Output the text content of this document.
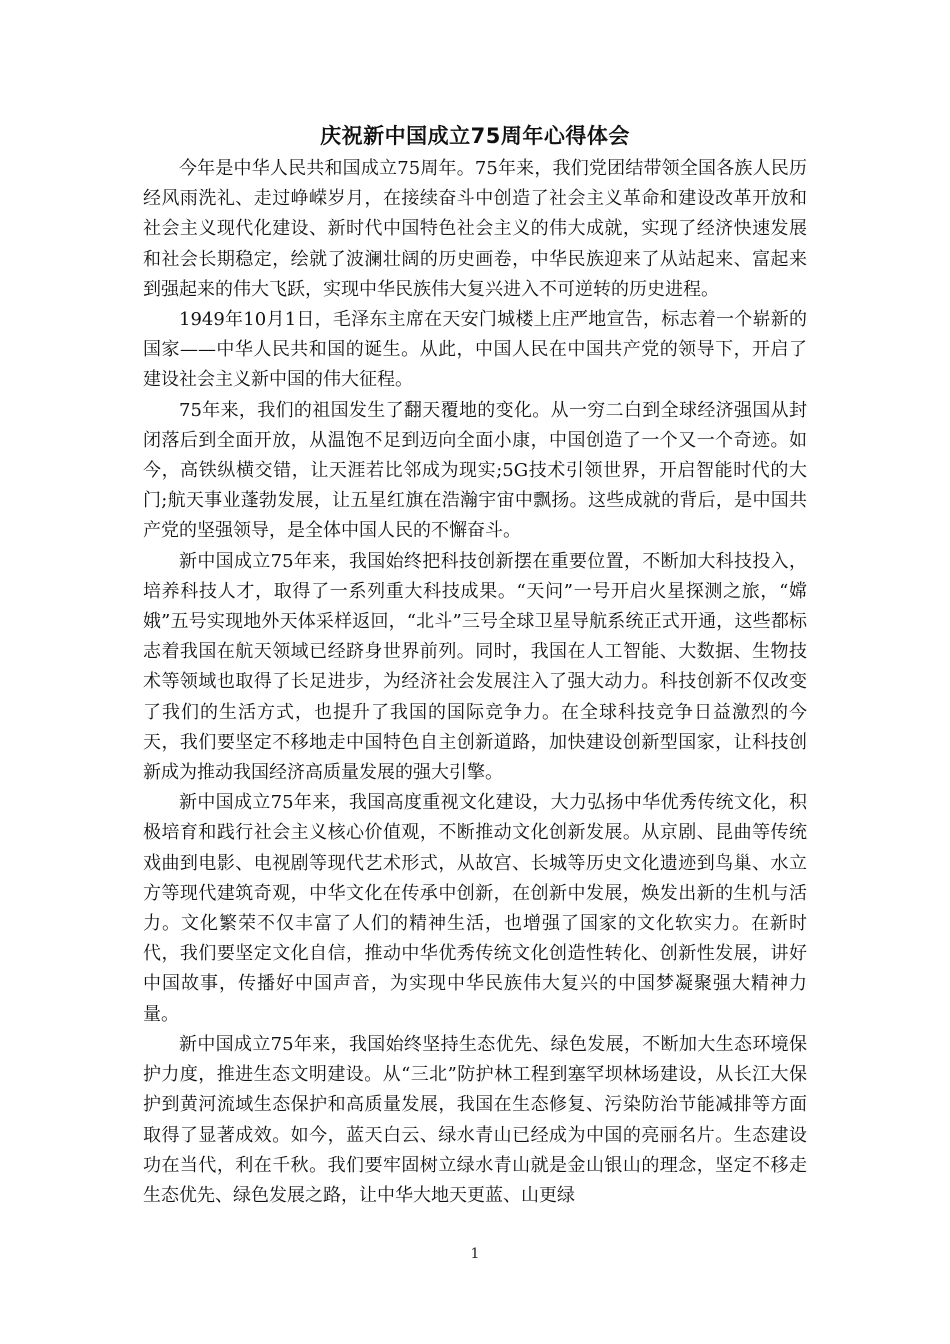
庆祝新中国成立75周年心得体会

今年是中华人民共和国成立75周年。75年来，我们党团结带领全国各族人民历经风雨洗礼、走过峥嵘岁月，在接续奋斗中创造了社会主义革命和建设改革开放和社会主义现代化建设、新时代中国特色社会主义的伟大成就，实现了经济快速发展和社会长期稳定，绘就了波澜壮阔的历史画卷，中华民族迎来了从站起来、富起来到强起来的伟大飞跃，实现中华民族伟大复兴进入不可逆转的历史进程。

1949年10月1日，毛泽东主席在天安门城楼上庄严地宣告，标志着一个崭新的国家——中华人民共和国的诞生。从此，中国人民在中国共产党的领导下，开启了建设社会主义新中国的伟大征程。

75年来，我们的祖国发生了翻天覆地的变化。从一穷二白到全球经济强国从封闭落后到全面开放，从温饱不足到迈向全面小康，中国创造了一个又一个奇迹。如今，高铁纵横交错，让天涯若比邻成为现实;5G技术引领世界，开启智能时代的大门;航天事业蓬勃发展，让五星红旗在浩瀚宇宙中飘扬。这些成就的背后，是中国共产党的坚强领导，是全体中国人民的不懈奋斗。

新中国成立75年来，我国始终把科技创新摆在重要位置，不断加大科技投入，培养科技人才，取得了一系列重大科技成果。“天问”一号开启火星探测之旅，“嫦娥”五号实现地外天体采样返回，“北斗”三号全球卫星导航系统正式开通，这些都标志着我国在航天领域已经跻身世界前列。同时，我国在人工智能、大数据、生物技术等领域也取得了长足进步，为经济社会发展注入了强大动力。科技创新不仅改变了我们的生活方式，也提升了我国的国际竞争力。在全球科技竞争日益激烈的今天，我们要坚定不移地走中国特色自主创新道路，加快建设创新型国家，让科技创新成为推动我国经济高质量发展的强大引擎。

新中国成立75年来，我国高度重视文化建设，大力弘扬中华优秀传统文化，积极培育和践行社会主义核心价值观，不断推动文化创新发展。从京剧、昆曲等传统戏曲到电影、电视剧等现代艺术形式，从故宫、长城等历史文化遗迹到鸟巢、水立方等现代建筑奇观，中华文化在传承中创新，在创新中发展，焕发出新的生机与活力。文化繁荣不仅丰富了人们的精神生活，也增强了国家的文化软实力。在新时代，我们要坚定文化自信，推动中华优秀传统文化创造性转化、创新性发展，讲好中国故事，传播好中国声音，为实现中华民族伟大复兴的中国梦凝聚强大精神力量。

新中国成立75年来，我国始终坚持生态优先、绿色发展，不断加大生态环境保护力度，推进生态文明建设。从“三北”防护林工程到塞罕坝林场建设，从长江大保护到黄河流域生态保护和高质量发展，我国在生态修复、污染防治节能减排等方面取得了显著成效。如今，蓝天白云、绿水青山已经成为中国的亮丽名片。生态建设功在当代，利在千秋。我们要牢固树立绿水青山就是金山银山的理念，坚定不移走生态优先、绿色发展之路，让中华大地天更蓝、山更绿

1
